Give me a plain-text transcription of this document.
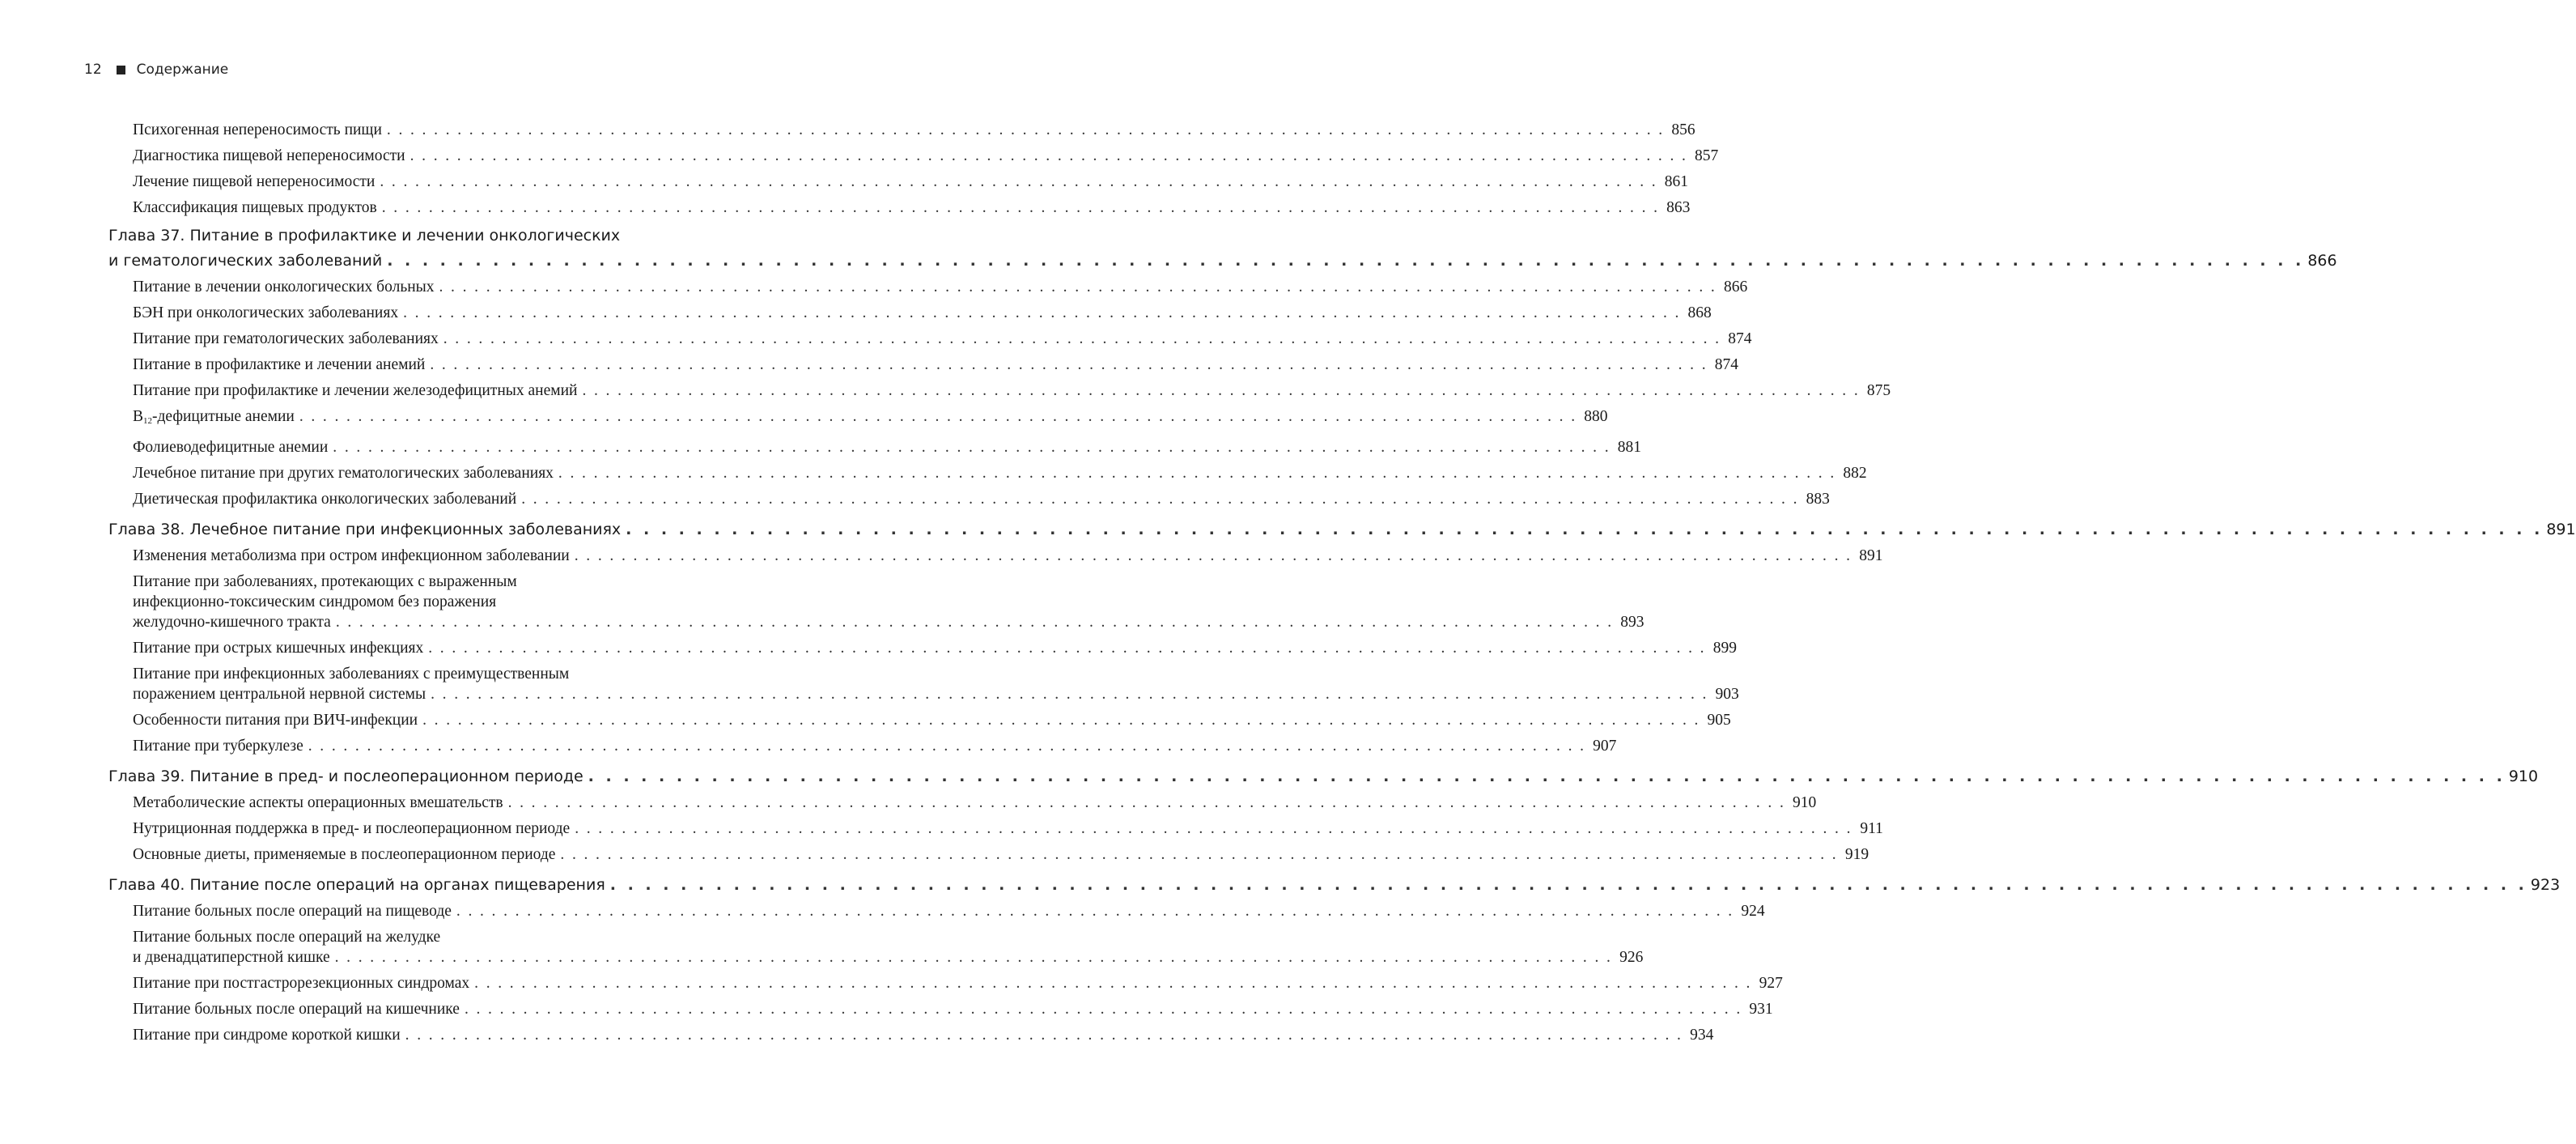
12	Содержание
Психогенная непереносимость пищи . . . . . . . . . . . . . . . . . . . . . . . . . . . . . . . . . . . . . . . . . . . . . . . . . . . . . . . . . . . . . . . . . . . . . . . . . . . . . . . . . . . . . . . . . . . . . . . . . . . . . . . . . . . . . 856
Диагностика пищевой непереносимости . . . . . . . . . . . . . . . . . . . . . . . . . . . . . . . . . . . . . . . . . . . . . . . . . . . . . . . . . . . . . . . . . . . . . . . . . . . . . . . . . . . . . . . . . . . . . . . . . . . . . . . . . . . . . 857
Лечение пищевой непереносимости . . . . . . . . . . . . . . . . . . . . . . . . . . . . . . . . . . . . . . . . . . . . . . . . . . . . . . . . . . . . . . . . . . . . . . . . . . . . . . . . . . . . . . . . . . . . . . . . . . . . . . . . . . . . . 861
Классификация пищевых продуктов . . . . . . . . . . . . . . . . . . . . . . . . . . . . . . . . . . . . . . . . . . . . . . . . . . . . . . . . . . . . . . . . . . . . . . . . . . . . . . . . . . . . . . . . . . . . . . . . . . . . . . . . . . . . . 863
Глава 37. Питание в профилактике и лечении онкологических
и гематологических заболеваний . . . . . . . . . . . . . . . . . . . . . . . . . . . . . . . . . . . . . . . . . . . . . . . . . . . . . . . . . . . . . . . . . . . . . . . . . . . . . . . . . . . . . . . . . . . . . . . . . . . . . . . . . . . . . 866
Питание в лечении онкологических больных . . . . . . . . . . . . . . . . . . . . . . . . . . . . . . . . . . . . . . . . . . . . . . . . . . . . . . . . . . . . . . . . . . . . . . . . . . . . . . . . . . . . . . . . . . . . . . . . . . . . . . . . . . . . . 866
БЭН при онкологических заболеваниях . . . . . . . . . . . . . . . . . . . . . . . . . . . . . . . . . . . . . . . . . . . . . . . . . . . . . . . . . . . . . . . . . . . . . . . . . . . . . . . . . . . . . . . . . . . . . . . . . . . . . . . . . . . . . 868
Питание при гематологических заболеваниях . . . . . . . . . . . . . . . . . . . . . . . . . . . . . . . . . . . . . . . . . . . . . . . . . . . . . . . . . . . . . . . . . . . . . . . . . . . . . . . . . . . . . . . . . . . . . . . . . . . . . . . . . . . . . 874
Питание в профилактике и лечении анемий . . . . . . . . . . . . . . . . . . . . . . . . . . . . . . . . . . . . . . . . . . . . . . . . . . . . . . . . . . . . . . . . . . . . . . . . . . . . . . . . . . . . . . . . . . . . . . . . . . . . . . . . . . . . . 874
Питание при профилактике и лечении железодефицитных анемий . . . . . . . . . . . . . . . . . . . . . . . . . . . . . . . . . . . . . . . . . . . . . . . . . . . . . . . . . . . . . . . . . . . . . . . . . . . . . . . . . . . . . . . . . . . . . . . . . . . . . . . . . . . . . 875
$В_{12}$-дефицитные анемии . . . . . . . . . . . . . . . . . . . . . . . . . . . . . . . . . . . . . . . . . . . . . . . . . . . . . . . . . . . . . . . . . . . . . . . . . . . . . . . . . . . . . . . . . . . . . . . . . . . . . . . . . . . . . 880
Фолиеводефицитные анемии . . . . . . . . . . . . . . . . . . . . . . . . . . . . . . . . . . . . . . . . . . . . . . . . . . . . . . . . . . . . . . . . . . . . . . . . . . . . . . . . . . . . . . . . . . . . . . . . . . . . . . . . . . . . . 881
Лечебное питание при других гематологических заболеваниях . . . . . . . . . . . . . . . . . . . . . . . . . . . . . . . . . . . . . . . . . . . . . . . . . . . . . . . . . . . . . . . . . . . . . . . . . . . . . . . . . . . . . . . . . . . . . . . . . . . . . . . . . . . . . 882
Диетическая профилактика онкологических заболеваний . . . . . . . . . . . . . . . . . . . . . . . . . . . . . . . . . . . . . . . . . . . . . . . . . . . . . . . . . . . . . . . . . . . . . . . . . . . . . . . . . . . . . . . . . . . . . . . . . . . . . . . . . . . . . 883
Глава 38. Лечебное питание при инфекционных заболеваниях . . . . . . . . . . . . . . . . . . . . . . . . . . . . . . . . . . . . . . . . . . . . . . . . . . . . . . . . . . . . . . . . . . . . . . . . . . . . . . . . . . . . . . . . . . . . . . . . . . . . . . . . . . . . . 891
Изменения метаболизма при остром инфекционном заболевании . . . . . . . . . . . . . . . . . . . . . . . . . . . . . . . . . . . . . . . . . . . . . . . . . . . . . . . . . . . . . . . . . . . . . . . . . . . . . . . . . . . . . . . . . . . . . . . . . . . . . . . . . . . . . 891
Питание при заболеваниях, протекающих с выраженным
инфекционно-токсическим синдромом без поражения
желудочно-кишечного тракта . . . . . . . . . . . . . . . . . . . . . . . . . . . . . . . . . . . . . . . . . . . . . . . . . . . . . . . . . . . . . . . . . . . . . . . . . . . . . . . . . . . . . . . . . . . . . . . . . . . . . . . . . . . . . 893
Питание при острых кишечных инфекциях . . . . . . . . . . . . . . . . . . . . . . . . . . . . . . . . . . . . . . . . . . . . . . . . . . . . . . . . . . . . . . . . . . . . . . . . . . . . . . . . . . . . . . . . . . . . . . . . . . . . . . . . . . . . . 899
Питание при инфекционных заболеваниях с преимущественным
поражением центральной нервной системы . . . . . . . . . . . . . . . . . . . . . . . . . . . . . . . . . . . . . . . . . . . . . . . . . . . . . . . . . . . . . . . . . . . . . . . . . . . . . . . . . . . . . . . . . . . . . . . . . . . . . . . . . . . . . 903
Особенности питания при ВИЧ-инфекции . . . . . . . . . . . . . . . . . . . . . . . . . . . . . . . . . . . . . . . . . . . . . . . . . . . . . . . . . . . . . . . . . . . . . . . . . . . . . . . . . . . . . . . . . . . . . . . . . . . . . . . . . . . . . 905
Питание при туберкулезе . . . . . . . . . . . . . . . . . . . . . . . . . . . . . . . . . . . . . . . . . . . . . . . . . . . . . . . . . . . . . . . . . . . . . . . . . . . . . . . . . . . . . . . . . . . . . . . . . . . . . . . . . . . . . 907
Глава 39. Питание в пред- и послеоперационном периоде . . . . . . . . . . . . . . . . . . . . . . . . . . . . . . . . . . . . . . . . . . . . . . . . . . . . . . . . . . . . . . . . . . . . . . . . . . . . . . . . . . . . . . . . . . . . . . . . . . . . . . . . . . . . . 910
Метаболические аспекты операционных вмешательств . . . . . . . . . . . . . . . . . . . . . . . . . . . . . . . . . . . . . . . . . . . . . . . . . . . . . . . . . . . . . . . . . . . . . . . . . . . . . . . . . . . . . . . . . . . . . . . . . . . . . . . . . . . . . 910
Нутриционная поддержка в пред- и послеоперационном периоде . . . . . . . . . . . . . . . . . . . . . . . . . . . . . . . . . . . . . . . . . . . . . . . . . . . . . . . . . . . . . . . . . . . . . . . . . . . . . . . . . . . . . . . . . . . . . . . . . . . . . . . . . . . . . 911
Основные диеты, применяемые в послеоперационном периоде . . . . . . . . . . . . . . . . . . . . . . . . . . . . . . . . . . . . . . . . . . . . . . . . . . . . . . . . . . . . . . . . . . . . . . . . . . . . . . . . . . . . . . . . . . . . . . . . . . . . . . . . . . . . . 919
Глава 40. Питание после операций на органах пищеварения . . . . . . . . . . . . . . . . . . . . . . . . . . . . . . . . . . . . . . . . . . . . . . . . . . . . . . . . . . . . . . . . . . . . . . . . . . . . . . . . . . . . . . . . . . . . . . . . . . . . . . . . . . . . . 923
Питание больных после операций на пищеводе . . . . . . . . . . . . . . . . . . . . . . . . . . . . . . . . . . . . . . . . . . . . . . . . . . . . . . . . . . . . . . . . . . . . . . . . . . . . . . . . . . . . . . . . . . . . . . . . . . . . . . . . . . . . . 924
Питание больных после операций на желудке
и двенадцатиперстной кишке . . . . . . . . . . . . . . . . . . . . . . . . . . . . . . . . . . . . . . . . . . . . . . . . . . . . . . . . . . . . . . . . . . . . . . . . . . . . . . . . . . . . . . . . . . . . . . . . . . . . . . . . . . . . . 926
Питание при постгастрорезекционных синдромах . . . . . . . . . . . . . . . . . . . . . . . . . . . . . . . . . . . . . . . . . . . . . . . . . . . . . . . . . . . . . . . . . . . . . . . . . . . . . . . . . . . . . . . . . . . . . . . . . . . . . . . . . . . . . 927
Питание больных после операций на кишечнике . . . . . . . . . . . . . . . . . . . . . . . . . . . . . . . . . . . . . . . . . . . . . . . . . . . . . . . . . . . . . . . . . . . . . . . . . . . . . . . . . . . . . . . . . . . . . . . . . . . . . . . . . . . . . 931
Питание при синдроме короткой кишки . . . . . . . . . . . . . . . . . . . . . . . . . . . . . . . . . . . . . . . . . . . . . . . . . . . . . . . . . . . . . . . . . . . . . . . . . . . . . . . . . . . . . . . . . . . . . . . . . . . . . . . . . . . . . 934
